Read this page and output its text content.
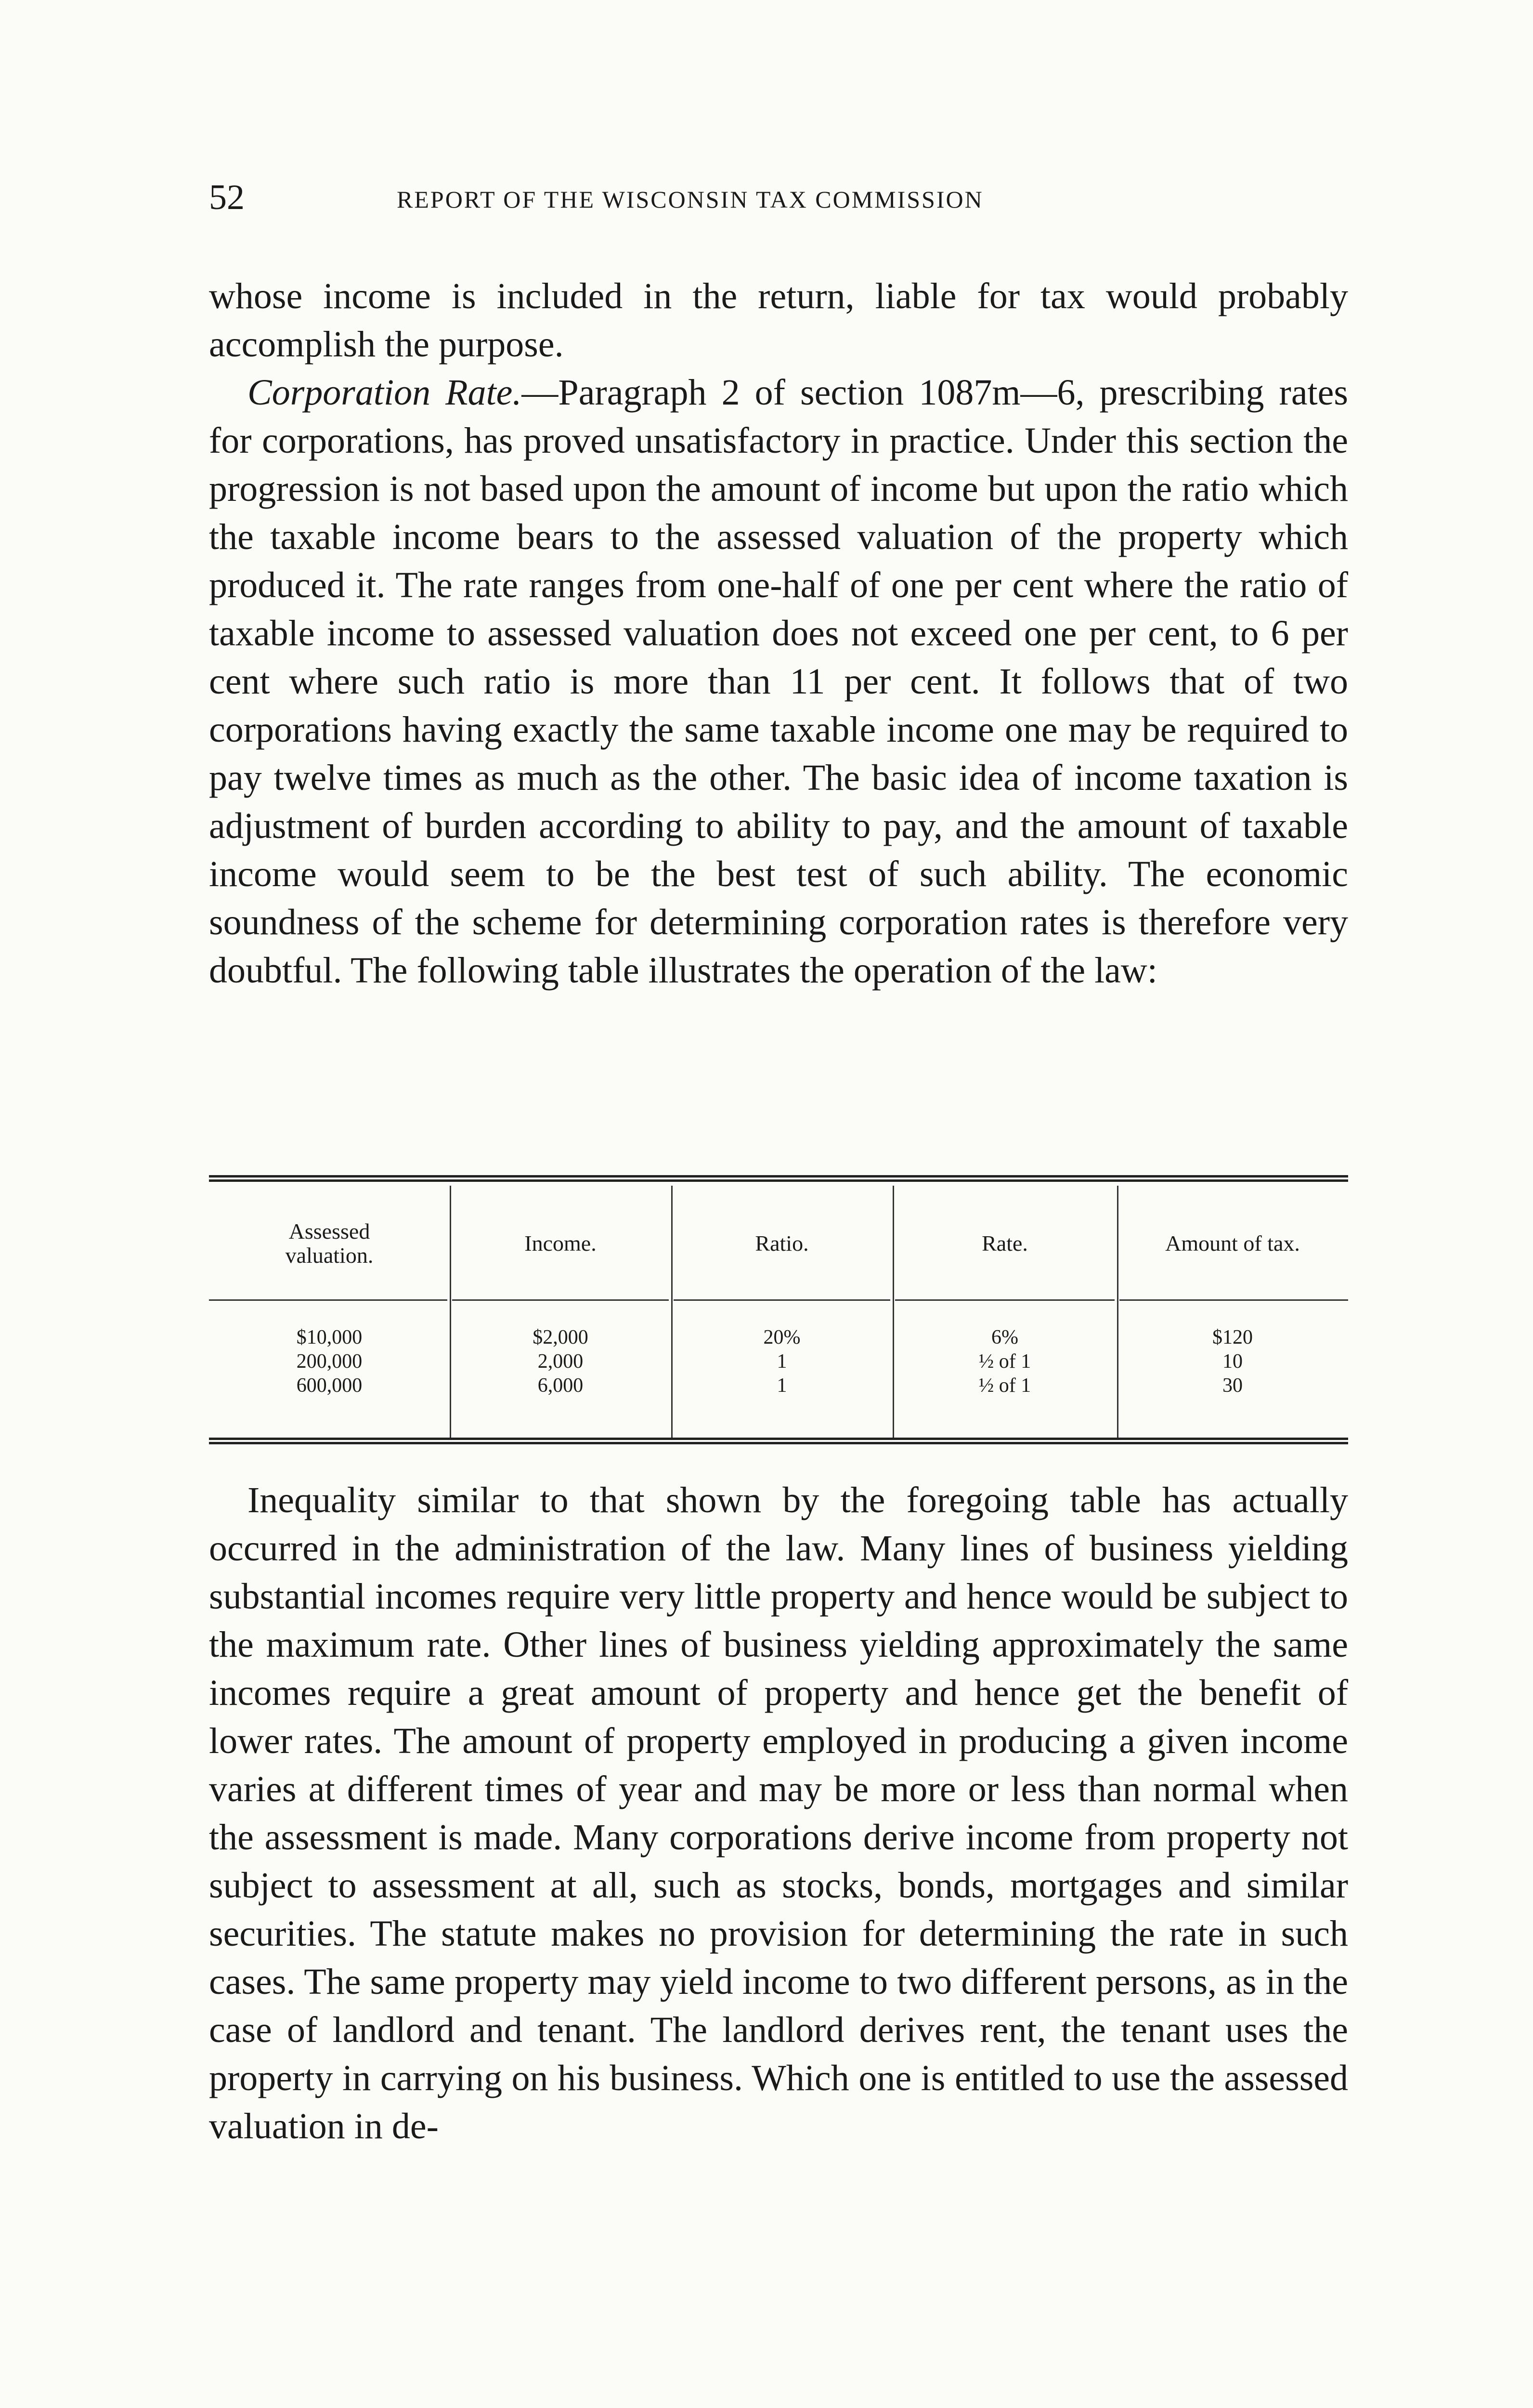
52	REPORT OF THE WISCONSIN TAX COMMISSION

whose income is included in the return, liable for tax would probably accomplish the purpose.

Corporation Rate.—Paragraph 2 of section 1087m—6, prescribing rates for corporations, has proved unsatisfactory in practice. Under this section the progression is not based upon the amount of income but upon the ratio which the taxable income bears to the assessed valuation of the property which produced it. The rate ranges from one-half of one per cent where the ratio of taxable income to assessed valuation does not exceed one per cent, to 6 per cent where such ratio is more than 11 per cent. It follows that of two corporations having exactly the same taxable income one may be required to pay twelve times as much as the other. The basic idea of income taxation is adjustment of burden according to ability to pay, and the amount of taxable income would seem to be the best test of such ability. The economic soundness of the scheme for determining corporation rates is therefore very doubtful. The following table illustrates the operation of the law:

Assessed
valuation.
$10,000
200,000
600,000
Income.
$2,000
2,000
6,000
Ratio.
20%
1
1
Rate.
6%
½ of 1
½ of 1
Amount of tax.
$120
10
30

Inequality similar to that shown by the foregoing table has actually occurred in the administration of the law. Many lines of business yielding substantial incomes require very little property and hence would be subject to the maximum rate. Other lines of business yielding approximately the same incomes require a great amount of property and hence get the benefit of lower rates. The amount of property employed in producing a given income varies at different times of year and may be more or less than normal when the assessment is made. Many corporations derive income from property not subject to assessment at all, such as stocks, bonds, mortgages and similar securities. The statute makes no provision for determining the rate in such cases. The same property may yield income to two different persons, as in the case of landlord and tenant. The landlord derives rent, the tenant uses the property in carrying on his business. Which one is entitled to use the assessed valuation in de-
